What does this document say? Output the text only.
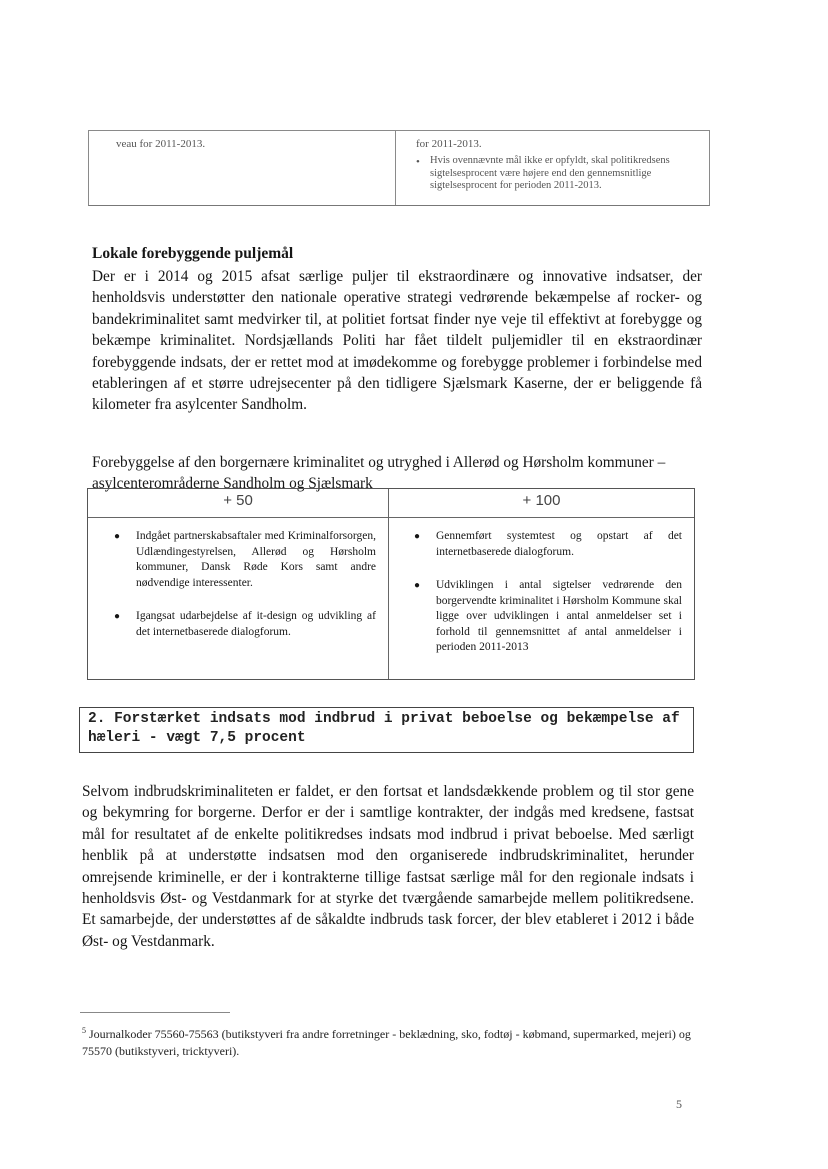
veau for 2011-2013.	for 2011-2013.
• Hvis ovennævnte mål ikke er opfyldt, skal politikredsens sigtelsesprocent være højere end den gennemsnitlige sigtelsesprocent for perioden 2011-2013.
Lokale forebyggende puljemål
Der er i 2014 og 2015 afsat særlige puljer til ekstraordinære og innovative indsatser, der henholdsvis understøtter den nationale operative strategi vedrørende bekæmpelse af rocker- og bandekriminalitet samt medvirker til, at politiet fortsat finder nye veje til effektivt at forebygge og bekæmpe kriminalitet. Nordsjællands Politi har fået tildelt puljemidler til en ekstraordinær forebyggende indsats, der er rettet mod at imødekomme og forebygge problemer i forbindelse med etableringen af et større udrejsecenter på den tidligere Sjælsmark Kaserne, der er beliggende få kilometer fra asylcenter Sandholm.
Forebyggelse af den borgernære kriminalitet og utryghed i Allerød og Hørsholm kommuner – asylcenterområderne Sandholm og Sjælsmark
+ 50	+ 100
● Indgået partnerskabsaftaler med Kriminalforsorgen, Udlændingestyrelsen, Allerød og Hørsholm kommuner, Dansk Røde Kors samt andre nødvendige interessenter.
● Igangsat udarbejdelse af it-design og udvikling af det internetbaserede dialogforum.
● Gennemført systemtest og opstart af det internetbaserede dialogforum.
● Udviklingen i antal sigtelser vedrørende den borgervendte kriminalitet i Hørsholm Kommune skal ligge over udviklingen i antal anmeldelser set i forhold til gennemsnittet af antal anmeldelser i perioden 2011-2013
2. Forstærket indsats mod indbrud i privat beboelse og bekæmpelse af hæleri - vægt 7,5 procent
Selvom indbrudskriminaliteten er faldet, er den fortsat et landsdækkende problem og til stor gene og bekymring for borgerne. Derfor er der i samtlige kontrakter, der indgås med kredsene, fastsat mål for resultatet af de enkelte politikredses indsats mod indbrud i privat beboelse. Med særligt henblik på at understøtte indsatsen mod den organiserede indbrudskriminalitet, herunder omrejsende kriminelle, er der i kontrakterne tillige fastsat særlige mål for den regionale indsats i henholdsvis Øst- og Vestdanmark for at styrke det tværgående samarbejde mellem politikredsene. Et samarbejde, der understøttes af de såkaldte indbruds task forcer, der blev etableret i 2012 i både Øst- og Vestdanmark.
$^5$ Journalkoder 75560-75563 (butikstyveri fra andre forretninger - beklædning, sko, fodtøj - købmand, supermarked, mejeri) og 75570 (butikstyveri, tricktyveri).
5
